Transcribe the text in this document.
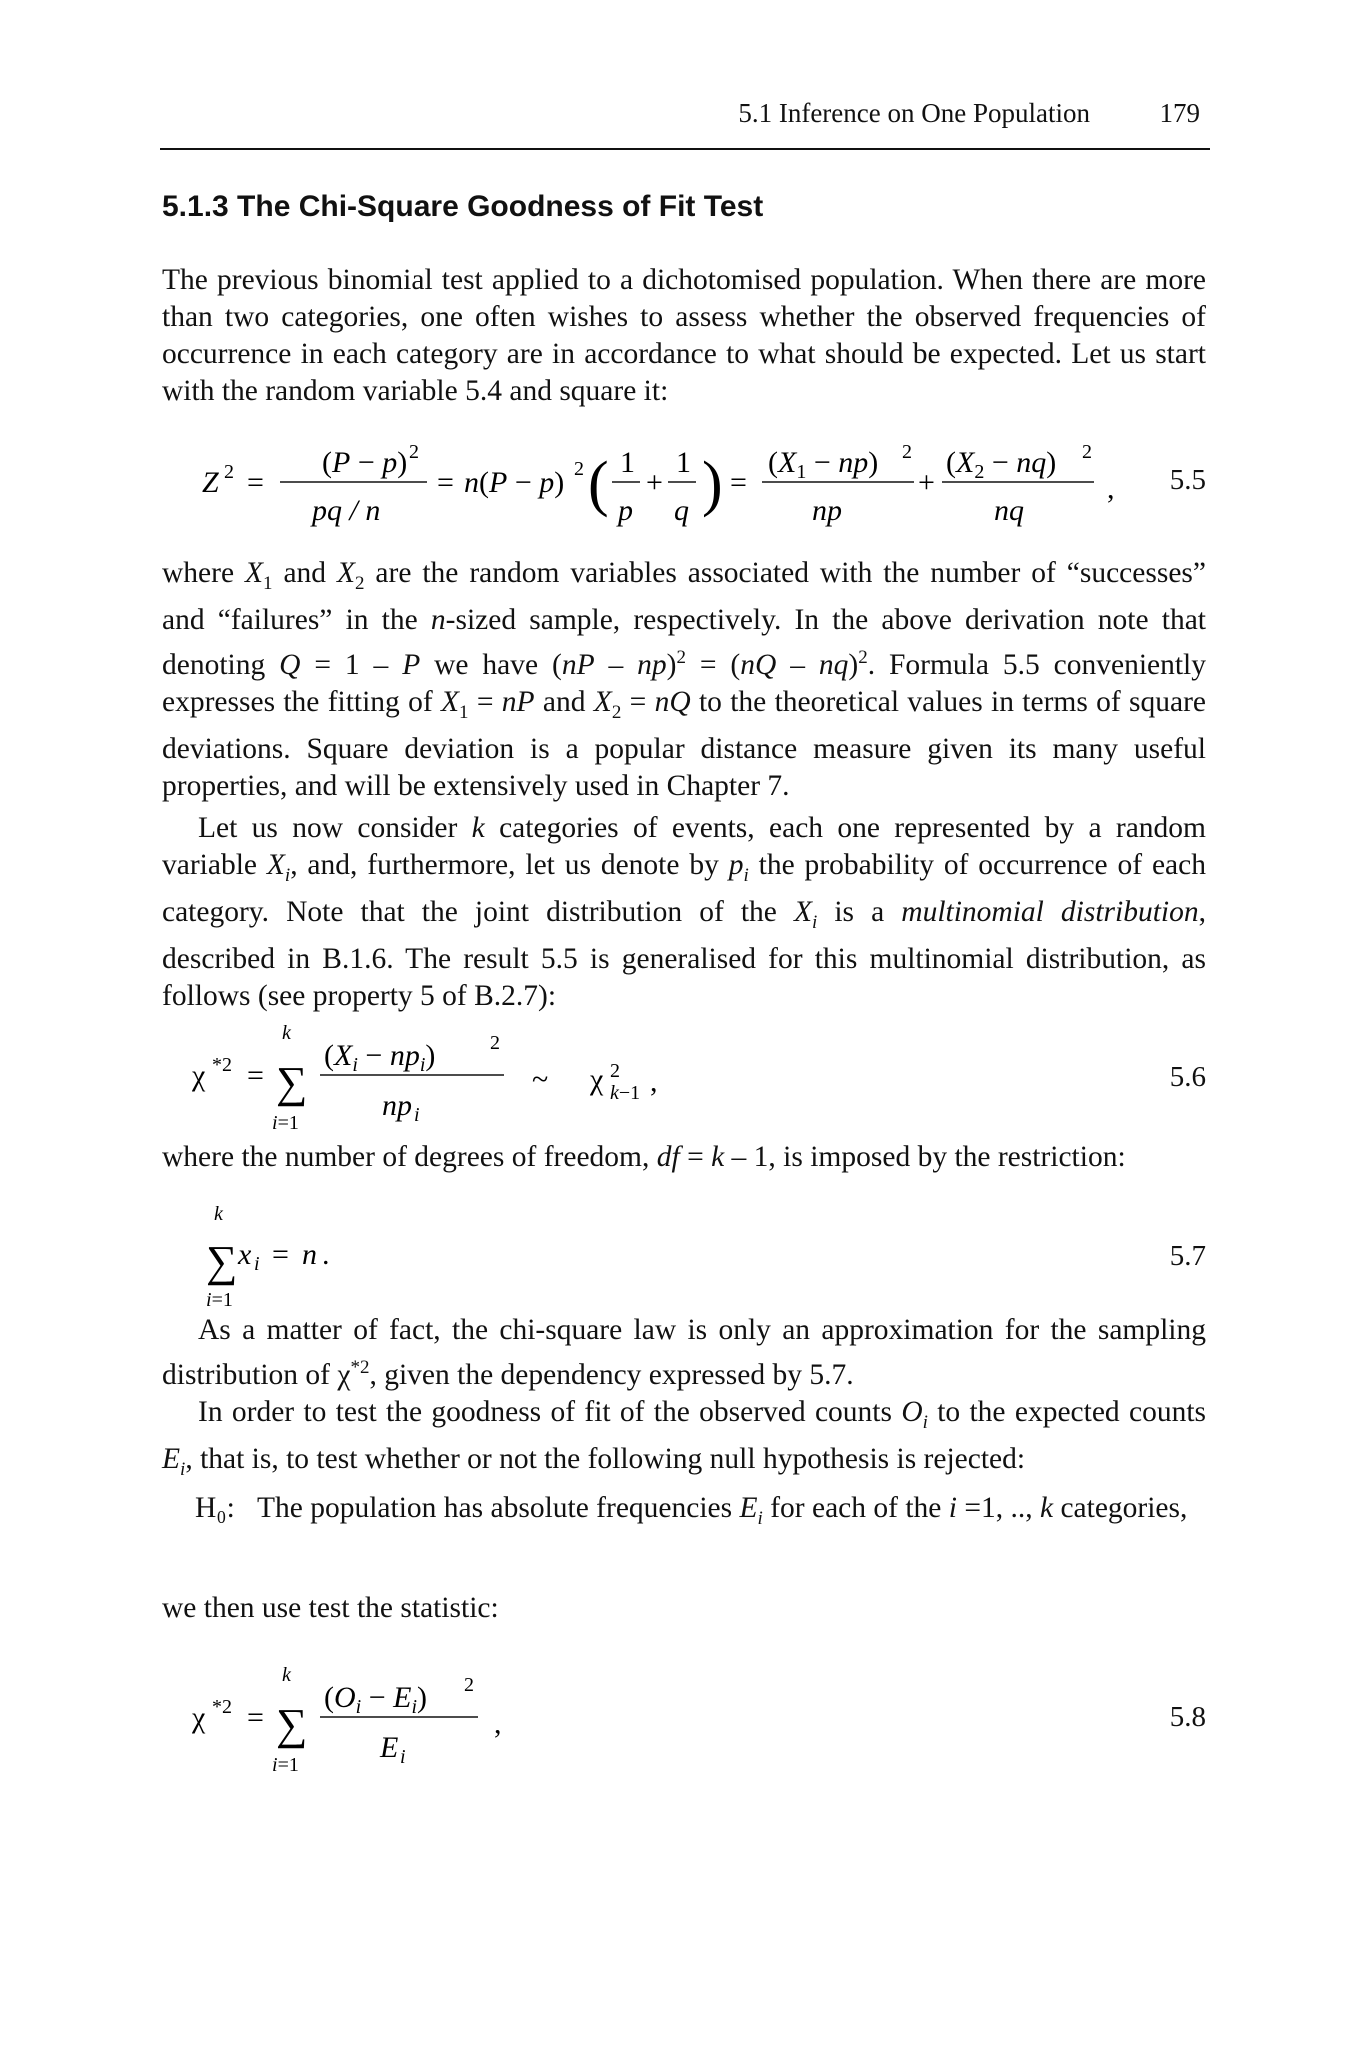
5.1 Inference on One Population	179
5.1.3 The Chi-Square Goodness of Fit Test

The previous binomial test applied to a dichotomised population. When there are more than two categories, one often wishes to assess whether the observed frequencies of occurrence in each category are in accordance to what should be expected. Let us start with the random variable 5.4 and square it:

Z 2 =
(P − p) 2
pq / n
= n(P − p) 2 ( 1
p
+
1
q ) =
$(X_1 - np)$ 2
np
+
$(X_2 - nq)$ 2
nq
, 5.5

where $X_1$ and $X_2$ are the random variables associated with the number of “successes” and “failures” in the n-sized sample, respectively. In the above derivation note that denoting Q = 1 – P we have (nP – np)$^2$ = (nQ – nq)$^2$. Formula 5.5 conveniently expresses the fitting of $X_1$ = nP and $X_2$ = nQ to the theoretical values in terms of square deviations. Square deviation is a popular distance measure given its many useful properties, and will be extensively used in Chapter 7.

Let us now consider k categories of events, each one represented by a random variable $X_i$, and, furthermore, let us denote by $p_i$ the probability of occurrence of each category. Note that the joint distribution of the $X_i$ is a multinomial distribution, described in B.1.6. The result 5.5 is generalised for this multinomial distribution, as follows (see property 5 of B.2.7):

χ *2 =
k
∑
i=1
$(X_i - np_i)$	2
np i
~ χ 2
k−1 ,	5.6

where the number of degrees of freedom, df = k – 1, is imposed by the restriction:

k
∑
i=1
x i = n .	5.7

As a matter of fact, the chi-square law is only an approximation for the sampling distribution of $\chi^{*2}$, given the dependency expressed by 5.7.

In order to test the goodness of fit of the observed counts $O_i$ to the expected counts $E_i$, that is, to test whether or not the following null hypothesis is rejected:

H₀: The population has absolute frequencies $E_i$ for each of the i =1, .., k categories,

we then use test the statistic:

χ *2 =
k
∑
i=1
$(O_i - E_i)$ 2
E i
,	5.8
